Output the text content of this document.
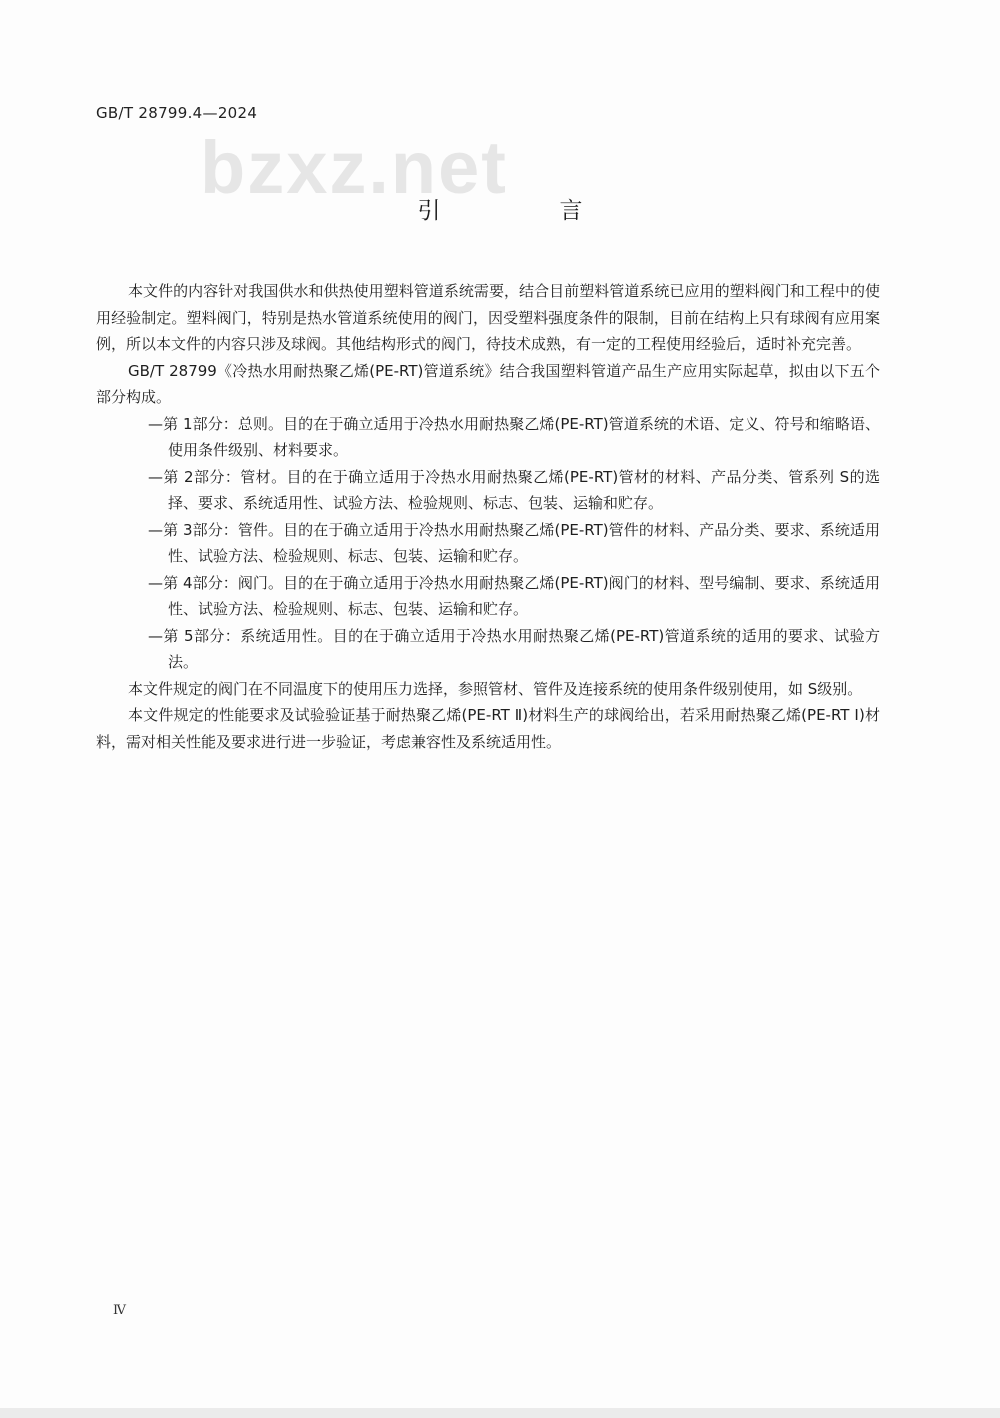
GB/T 28799.4—2024
bzxz.net
引　言

本文件的内容针对我国供水和供热使用塑料管道系统需要，结合目前塑料管道系统已应用的塑料阀门和工程中的使用经验制定。塑料阀门，特别是热水管道系统使用的阀门，因受塑料强度条件的限制，目前在结构上只有球阀有应用案例，所以本文件的内容只涉及球阀。其他结构形式的阀门，待技术成熟，有一定的工程使用经验后，适时补充完善。

GB/T 28799《冷热水用耐热聚乙烯(PE-RT)管道系统》结合我国塑料管道产品生产应用实际起草，拟由以下五个部分构成。

—第 1部分：总则。目的在于确立适用于冷热水用耐热聚乙烯(PE-RT)管道系统的术语、定义、符号和缩略语、使用条件级别、材料要求。

—第 2部分：管材。目的在于确立适用于冷热水用耐热聚乙烯(PE-RT)管材的材料、产品分类、管系列 S的选择、要求、系统适用性、试验方法、检验规则、标志、包装、运输和贮存。

—第 3部分：管件。目的在于确立适用于冷热水用耐热聚乙烯(PE-RT)管件的材料、产品分类、要求、系统适用性、试验方法、检验规则、标志、包装、运输和贮存。

—第 4部分：阀门。目的在于确立适用于冷热水用耐热聚乙烯(PE-RT)阀门的材料、型号编制、要求、系统适用性、试验方法、检验规则、标志、包装、运输和贮存。

—第 5部分：系统适用性。目的在于确立适用于冷热水用耐热聚乙烯(PE-RT)管道系统的适用的要求、试验方法。

本文件规定的阀门在不同温度下的使用压力选择，参照管材、管件及连接系统的使用条件级别使用，如 S级别。

本文件规定的性能要求及试验验证基于耐热聚乙烯(PE-RT Ⅱ)材料生产的球阀给出，若采用耐热聚乙烯(PE-RT Ⅰ)材料，需对相关性能及要求进行进一步验证，考虑兼容性及系统适用性。

Ⅳ
